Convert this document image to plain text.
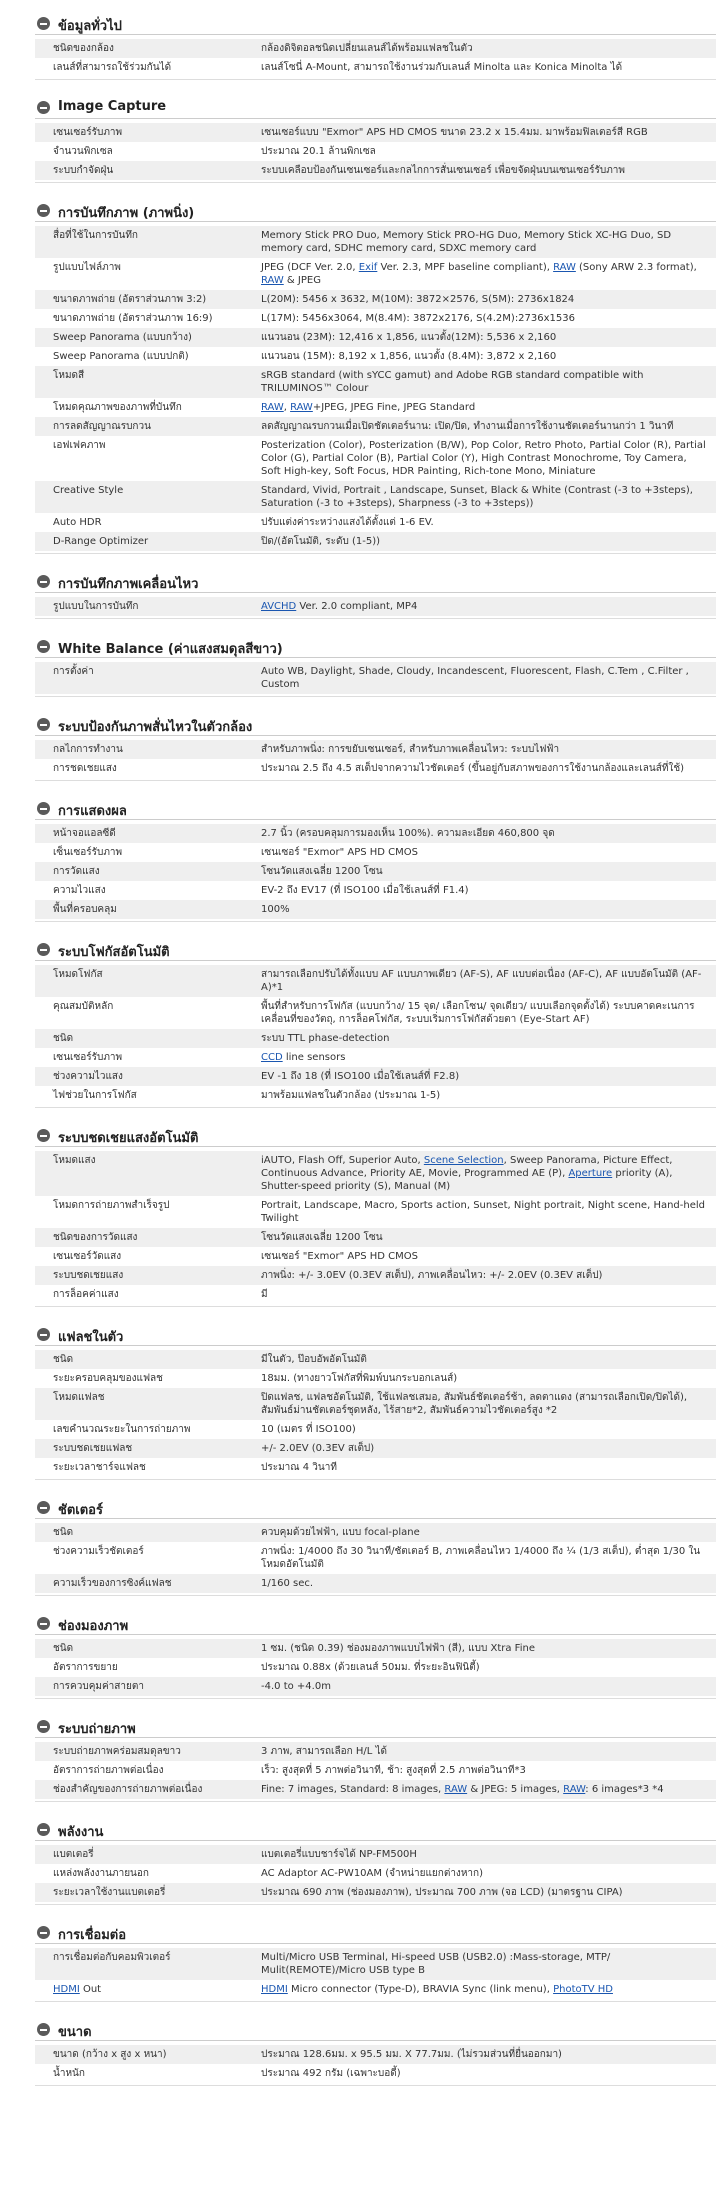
ข้อมูลทั่วไป
ชนิดของกล้อง	กล้องดิจิตอลชนิดเปลี่ยนเลนส์ได้พร้อมแฟลชในตัว
เลนส์ที่สามารถใช้ร่วมกันได้	เลนส์โซนี่ A-Mount, สามารถใช้งานร่วมกับเลนส์ Minolta และ Konica Minolta ได้
Image Capture
เซนเซอร์รับภาพ	เซนเซอร์แบบ "Exmor" APS HD CMOS ขนาด 23.2 x 15.4มม. มาพร้อมฟิลเตอร์สี RGB
จำนวนพิกเซล	ประมาณ 20.1 ล้านพิกเซล
ระบบกำจัดฝุ่น	ระบบเคลือบป้องกันเซนเซอร์และกลไกการสั่นเซนเซอร์ เพื่อขจัดฝุ่นบนเซนเซอร์รับภาพ
การบันทึกภาพ (ภาพนิ่ง)
สื่อที่ใช้ในการบันทึก	Memory Stick PRO Duo, Memory Stick PRO-HG Duo, Memory Stick XC-HG Duo, SD memory card, SDHC memory card, SDXC memory card
รูปแบบไฟล์ภาพ	JPEG (DCF Ver. 2.0, Exif Ver. 2.3, MPF baseline compliant), RAW (Sony ARW 2.3 format), RAW & JPEG
ขนาดภาพถ่าย (อัตราส่วนภาพ 3:2)	L(20M): 5456 x 3632, M(10M): 3872×2576, S(5M): 2736x1824
ขนาดภาพถ่าย (อัตราส่วนภาพ 16:9)	L(17M): 5456x3064, M(8.4M): 3872x2176, S(4.2M):2736x1536
Sweep Panorama (แบบกว้าง)	แนวนอน (23M): 12,416 x 1,856, แนวตั้ง(12M): 5,536 x 2,160
Sweep Panorama (แบบปกติ)	แนวนอน (15M): 8,192 x 1,856, แนวตั้ง (8.4M): 3,872 x 2,160
โหมดสี	sRGB standard (with sYCC gamut) and Adobe RGB standard compatible with TRILUMINOS™ Colour
โหมดคุณภาพของภาพที่บันทึก	RAW, RAW+JPEG, JPEG Fine, JPEG Standard
การลดสัญญาณรบกวน	ลดสัญญาณรบกวนเมื่อเปิดชัตเตอร์นาน: เปิด/ปิด, ทำงานเมื่อการใช้งานชัตเตอร์นานกว่า 1 วินาที
เอฟเฟคภาพ	Posterization (Color), Posterization (B/W), Pop Color, Retro Photo, Partial Color (R), Partial Color (G), Partial Color (B), Partial Color (Y), High Contrast Monochrome, Toy Camera, Soft High-key, Soft Focus, HDR Painting, Rich-tone Mono, Miniature
Creative Style	Standard, Vivid, Portrait , Landscape, Sunset, Black & White (Contrast (-3 to +3steps), Saturation (-3 to +3steps), Sharpness (-3 to +3steps))
Auto HDR	ปรับแต่งค่าระหว่างแสงได้ตั้งแต่ 1-6 EV.
D-Range Optimizer	ปิด/(อัตโนมัติ, ระดับ (1-5))
การบันทึกภาพเคลื่อนไหว
รูปแบบในการบันทึก	AVCHD Ver. 2.0 compliant, MP4
White Balance (ค่าแสงสมดุลสีขาว)
การตั้งค่า	Auto WB, Daylight, Shade, Cloudy, Incandescent, Fluorescent, Flash, C.Tem , C.Filter , Custom
ระบบป้องกันภาพสั่นไหวในตัวกล้อง
กลไกการทำงาน	สำหรับภาพนิ่ง: การขยับเซนเซอร์, สำหรับภาพเคลื่อนไหว: ระบบไฟฟ้า
การชดเชยแสง	ประมาณ 2.5 ถึง 4.5 สเต็ปจากความไวชัตเตอร์ (ขึ้นอยู่กับสภาพของการใช้งานกล้องและเลนส์ที่ใช้)
การแสดงผล
หน้าจอแอลซีดี	2.7 นิ้ว (ครอบคลุมการมองเห็น 100%). ความละเอียด 460,800 จุด
เซ็นเซอร์รับภาพ	เซนเซอร์ "Exmor" APS HD CMOS
การวัดแสง	โซนวัดแสงเฉลี่ย 1200 โซน
ความไวแสง	EV-2 ถึง EV17 (ที่ ISO100 เมื่อใช้เลนส์ที่ F1.4)
พื้นที่ครอบคลุม	100%
ระบบโฟกัสอัตโนมัติ
โหมดโฟกัส	สามารถเลือกปรับได้ทั้งแบบ AF แบบภาพเดียว (AF-S), AF แบบต่อเนื่อง (AF-C), AF แบบอัตโนมัติ (AF-A)*1
คุณสมบัติหลัก	พื้นที่สำหรับการโฟกัส (แบบกว้าง/ 15 จุด/ เลือกโซน/ จุดเดียว/ แบบเลือกจุดตั้งได้) ระบบคาดคะเนการเคลื่อนที่ของวัตถุ, การล็อคโฟกัส, ระบบเริ่มการโฟกัสด้วยตา (Eye-Start AF)
ชนิด	ระบบ TTL phase-detection
เซนเซอร์รับภาพ	CCD line sensors
ช่วงความไวแสง	EV -1 ถึง 18 (ที่ ISO100 เมื่อใช้เลนส์ที่ F2.8)
ไฟช่วยในการโฟกัส	มาพร้อมแฟลชในตัวกล้อง (ประมาณ 1-5)
ระบบชดเชยแสงอัตโนมัติ
โหมดแสง	iAUTO, Flash Off, Superior Auto, Scene Selection, Sweep Panorama, Picture Effect, Continuous Advance, Priority AE, Movie, Programmed AE (P), Aperture priority (A), Shutter-speed priority (S), Manual (M)
โหมดการถ่ายภาพสำเร็จรูป	Portrait, Landscape, Macro, Sports action, Sunset, Night portrait, Night scene, Hand-held Twilight
ชนิดของการวัดแสง	โซนวัดแสงเฉลี่ย 1200 โซน
เซนเซอร์วัดแสง	เซนเซอร์ "Exmor" APS HD CMOS
ระบบชดเชยแสง	ภาพนิ่ง: +/- 3.0EV (0.3EV สเต็ป), ภาพเคลื่อนไหว: +/- 2.0EV (0.3EV สเต็ป)
การล็อคค่าแสง	มี
แฟลชในตัว
ชนิด	มีในตัว, ป๊อบอัพอัตโนมัติ
ระยะครอบคลุมของแฟลช	18มม. (ทางยาวโฟกัสที่พิมพ์บนกระบอกเลนส์)
โหมดแฟลช	ปิดแฟลช, แฟลชอัตโนมัติ, ใช้แฟลชเสมอ, สัมพันธ์ชัตเตอร์ช้า, ลดตาแดง (สามารถเลือกเปิด/ปิดได้), สัมพันธ์ม่านชัตเตอร์ชุดหลัง, ไร้สาย*2, สัมพันธ์ความไวชัตเตอร์สูง *2
เลขคำนวณระยะในการถ่ายภาพ	10 (เมตร ที่ ISO100)
ระบบชดเชยแฟลช	+/- 2.0EV (0.3EV สเต็ป)
ระยะเวลาชาร์จแฟลช	ประมาณ 4 วินาที
ชัตเตอร์
ชนิด	ควบคุมด้วยไฟฟ้า, แบบ focal-plane
ช่วงความเร็วชัตเตอร์	ภาพนิ่ง: 1/4000 ถึง 30 วินาที/ชัตเตอร์ B, ภาพเคลื่อนไหว 1/4000 ถึง ¼ (1/3 สเต็ป), ต่ำสุด 1/30 ในโหมดอัตโนมัติ
ความเร็วของการซิงค์แฟลช	1/160 sec.
ช่องมองภาพ
ชนิด	1 ซม. (ชนิด 0.39) ช่องมองภาพแบบไฟฟ้า (สี), แบบ Xtra Fine
อัตราการขยาย	ประมาณ 0.88x (ด้วยเลนส์ 50มม. ที่ระยะอินฟินิตี้)
การควบคุมค่าสายตา	-4.0 to +4.0m
ระบบถ่ายภาพ
ระบบถ่ายภาพคร่อมสมดุลขาว	3 ภาพ, สามารถเลือก H/L ได้
อัตราการถ่ายภาพต่อเนื่อง	เร็ว: สูงสุดที่ 5 ภาพต่อวินาที, ช้า: สูงสุดที่ 2.5 ภาพต่อวินาที*3
ช่องสำคัญของการถ่ายภาพต่อเนื่อง	Fine: 7 images, Standard: 8 images, RAW & JPEG: 5 images, RAW: 6 images*3 *4
พลังงาน
แบตเตอรี่	แบตเตอรี่แบบชาร์จได้ NP-FM500H
แหล่งพลังงานภายนอก	AC Adaptor AC-PW10AM (จำหน่ายแยกต่างหาก)
ระยะเวลาใช้งานแบตเตอรี่	ประมาณ 690 ภาพ (ช่องมองภาพ), ประมาณ 700 ภาพ (จอ LCD) (มาตรฐาน CIPA)
การเชื่อมต่อ
การเชื่อมต่อกับคอมพิวเตอร์	Multi/Micro USB Terminal, Hi-speed USB (USB2.0) :Mass-storage, MTP/ Mulit(REMOTE)/Micro USB type B
HDMI Out	HDMI Micro connector (Type-D), BRAVIA Sync (link menu), PhotoTV HD
ขนาด
ขนาด (กว้าง x สูง x หนา)	ประมาณ 128.6มม. x 95.5 มม. X 77.7มม. (ไม่รวมส่วนที่ยื่นออกมา)
น้ำหนัก	ประมาณ 492 กรัม (เฉพาะบอดี้)
